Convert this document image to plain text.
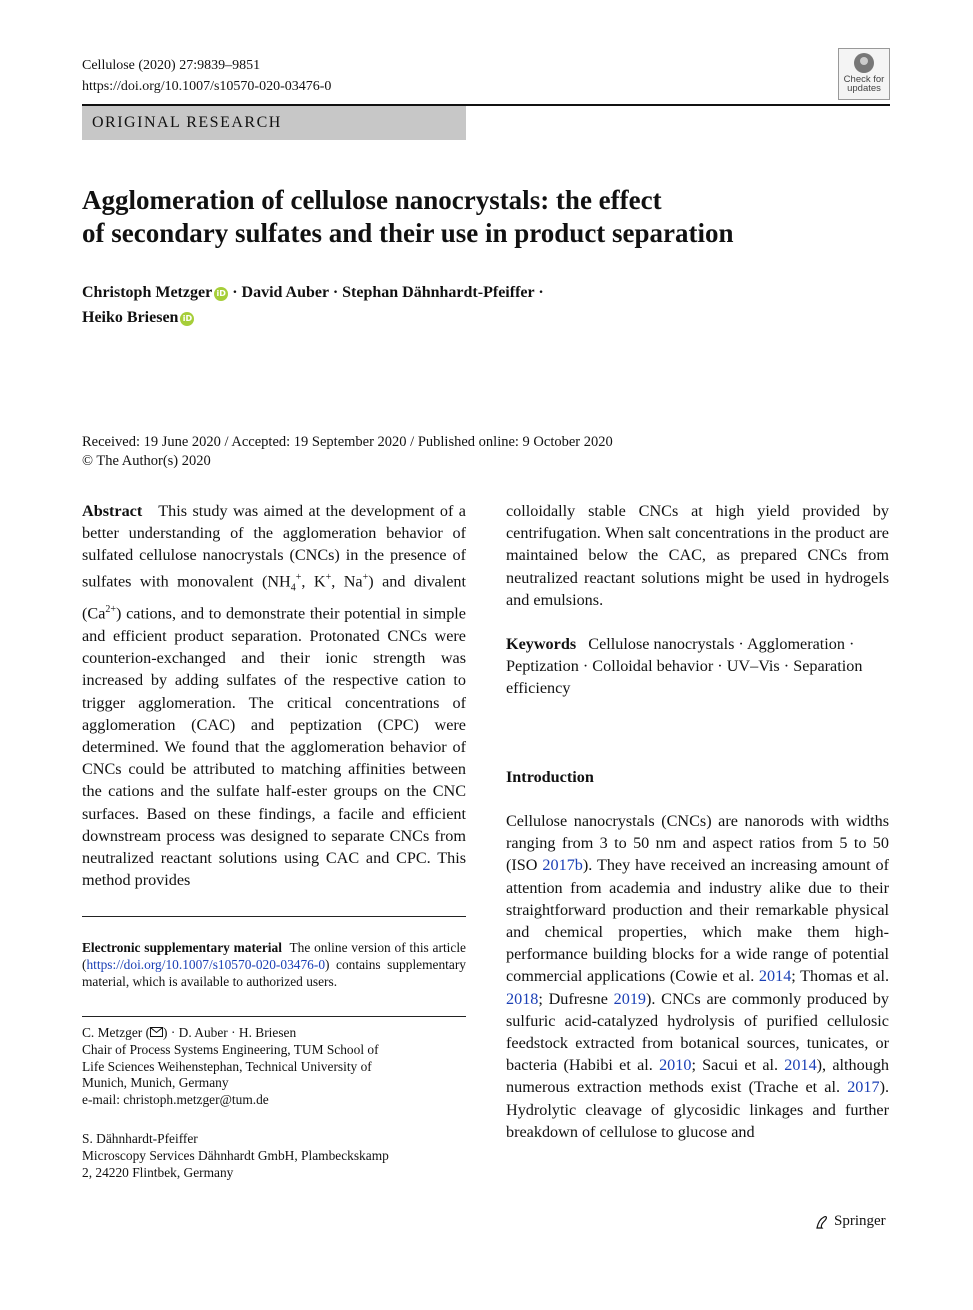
Cellulose (2020) 27:9839–9851
https://doi.org/10.1007/s10570-020-03476-0	Check for
updates
ORIGINAL RESEARCH
Agglomeration of cellulose nanocrystals: the effect
of secondary sulfates and their use in product separation
Christoph Metzger iD · David Auber · Stephan Dähnhardt-Pfeiffer ·
Heiko Briesen iD
Received: 19 June 2020 / Accepted: 19 September 2020 / Published online: 9 October 2020
© The Author(s) 2020

Abstract This study was aimed at the development of a better understanding of the agglomeration behavior of sulfated cellulose nanocrystals (CNCs) in the presence of sulfates with monovalent ($NH_4^+$, K+, Na+) and divalent $(Ca^{2+})$ cations, and to demonstrate their potential in simple and efficient product separation. Protonated CNCs were counterion-exchanged and their ionic strength was increased by adding sulfates of the respective cation to trigger agglomeration. The critical concentrations of agglomeration (CAC) and peptization (CPC) were determined. We found that the agglomeration behavior of CNCs could be attributed to matching affinities between the cations and the sulfate half-ester groups on the CNC surfaces. Based on these findings, a facile and efficient downstream process was designed to separate CNCs from neutralized reactant solutions using CAC and CPC. This method provides

Electronic supplementary material The online version of this article (https://doi.org/10.1007/s10570-020-03476-0) contains supplementary material, which is available to authorized users.
C. Metzger ( ) · D. Auber · H. Briesen
Chair of Process Systems Engineering, TUM School of
Life Sciences Weihenstephan, Technical University of
Munich, Munich, Germany
e-mail: christoph.metzger@tum.de
S. Dähnhardt-Pfeiffer
Microscopy Services Dähnhardt GmbH, Plambeckskamp
2, 24220 Flintbek, Germany

colloidally stable CNCs at high yield provided by centrifugation. When salt concentrations in the product are maintained below the CAC, as prepared CNCs from neutralized reactant solutions might be used in hydrogels and emulsions.

Keywords Cellulose nanocrystals · Agglomeration · Peptization · Colloidal behavior · UV–Vis · Separation efficiency

Introduction

Cellulose nanocrystals (CNCs) are nanorods with widths ranging from 3 to 50 nm and aspect ratios from 5 to 50 (ISO 2017b). They have received an increasing amount of attention from academia and industry alike due to their straightforward production and their remarkable physical and chemical properties, which make them high-performance building blocks for a wide range of potential commercial applications (Cowie et al. 2014; Thomas et al. 2018; Dufresne 2019). CNCs are commonly produced by sulfuric acid-catalyzed hydrolysis of purified cellulosic feedstock extracted from botanical sources, tunicates, or bacteria (Habibi et al. 2010; Sacui et al. 2014), although numerous extraction methods exist (Trache et al. 2017). Hydrolytic cleavage of glycosidic linkages and further breakdown of cellulose to glucose and

Springer
